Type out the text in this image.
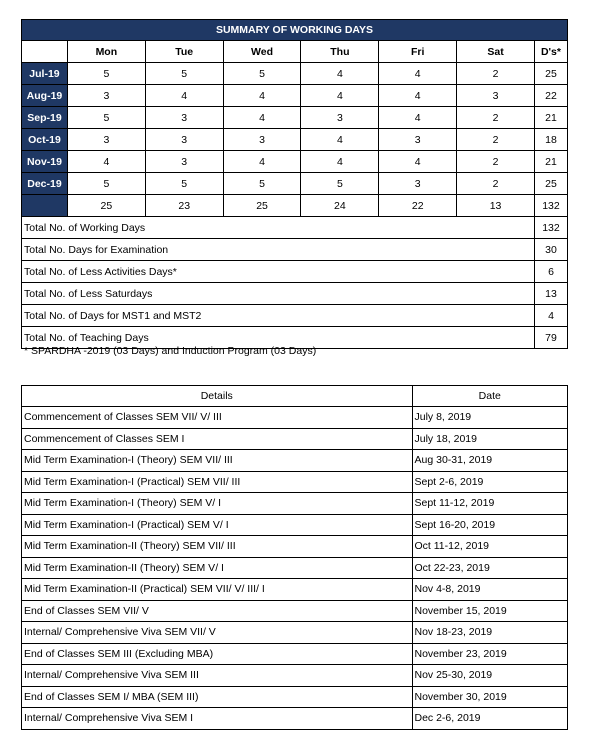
SUMMARY OF WORKING DAYS							
	Mon	Tue	Wed	Thu	Fri	Sat	D's*
Jul-19	5	5	5	4	4	2	25
Aug-19	3	4	4	4	4	3	22
Sep-19	5	3	4	3	4	2	21
Oct-19	3	3	3	4	3	2	18
Nov-19	4	3	4	4	4	2	21
Dec-19	5	5	5	5	3	2	25
	25	23	25	24	22	13	132
Total No. of Working Days							132
Total No. Days for Examination							30
Total No. of Less Activities Days*							6
Total No. of Less Saturdays							13
Total No. of Days for MST1 and MST2							4
Total No. of Teaching Days							79
* SPARDHA -2019 (03 Days) and Induction Program (03 Days)
Details	Date
Commencement of Classes SEM VII/ V/ III	July 8, 2019
Commencement of Classes SEM I	July 18, 2019
Mid Term Examination-I (Theory) SEM VII/ III	Aug 30-31, 2019
Mid Term Examination-I (Practical) SEM VII/ III	Sept 2-6, 2019
Mid Term Examination-I (Theory) SEM V/ I	Sept 11-12, 2019
Mid Term Examination-I (Practical) SEM V/ I	Sept 16-20, 2019
Mid Term Examination-II (Theory) SEM VII/ III	Oct 11-12, 2019
Mid Term Examination-II (Theory) SEM V/ I	Oct 22-23, 2019
Mid Term Examination-II (Practical) SEM VII/ V/ III/ I	Nov 4-8, 2019
End of Classes SEM VII/ V	November 15, 2019
Internal/ Comprehensive Viva SEM VII/ V	Nov 18-23, 2019
End of Classes SEM III (Excluding MBA)	November 23, 2019
Internal/ Comprehensive Viva SEM III	Nov 25-30, 2019
End of Classes SEM I/ MBA (SEM III)	November 30, 2019
Internal/ Comprehensive Viva SEM I	Dec 2-6, 2019
